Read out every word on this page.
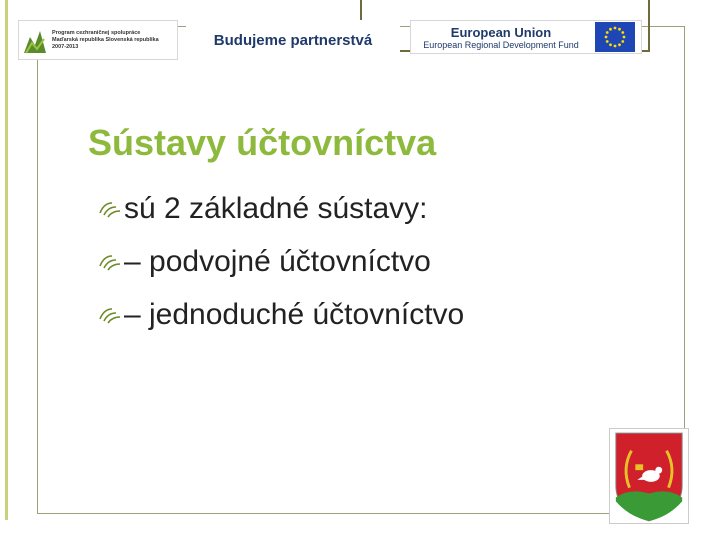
Program cezhraničnej spolupráce
Maďarská republika Slovenská republika
2007-2013	Budujeme partnerstvá	European Union
European Regional Development Fund
Sústavy účtovníctva
sú 2 základné sústavy:
– podvojné účtovníctvo
– jednoduché účtovníctvo
